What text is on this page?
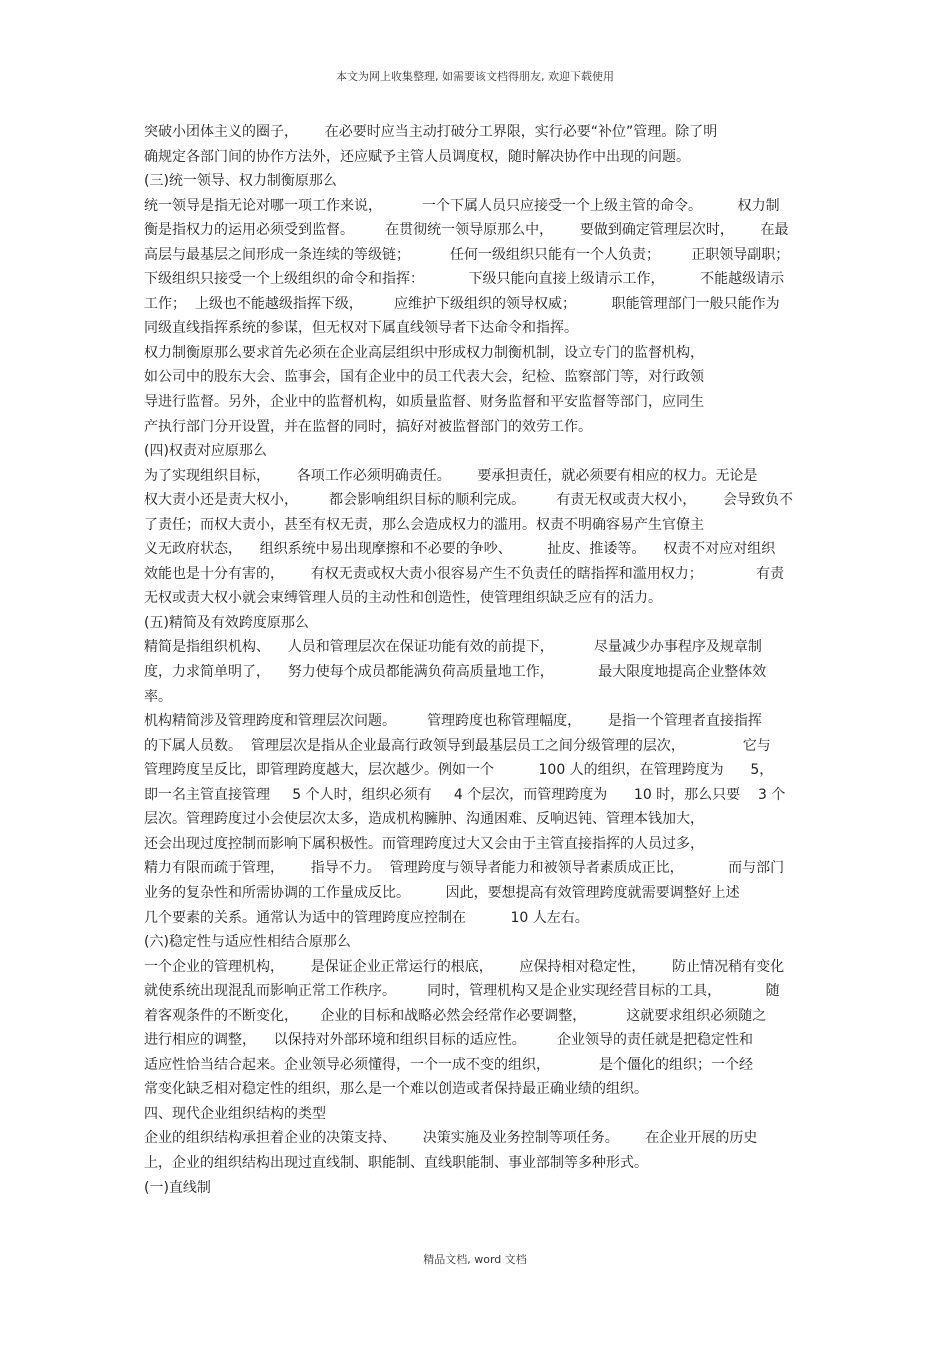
本文为网上收集整理, 如需要该文档得朋友, 欢迎下载使用
突破小团体主义的圈子，      在必要时应当主动打破分工界限，实行必要“补位”管理。除了明
确规定各部门间的协作方法外，还应赋予主管人员调度权，随时解决协作中出现的问题。
(三)统一领导、权力制衡原那么
统一领导是指无论对哪一项工作来说，         一个下属人员只应接受一个上级主管的命令。        权力制
衡是指权力的运用必须受到监督。       在贯彻统一领导原那么中，      要做到确定管理层次时，      在最
高层与最基层之间形成一条连续的等级链；         任何一级组织只能有一个人负责；       正职领导副职；
下级组织只接受一个上级组织的命令和指挥：          下级只能向直接上级请示工作，        不能越级请示
工作；  上级也不能越级指挥下级，       应维护下级组织的领导权威；        职能管理部门一般只能作为
同级直线指挥系统的参谋，但无权对下属直线领导者下达命令和指挥。
权力制衡原那么要求首先必须在企业高层组织中形成权力制衡机制，设立专门的监督机构，
如公司中的股东大会、监事会，国有企业中的员工代表大会，纪检、监察部门等，对行政领
导进行监督。另外，企业中的监督机构，如质量监督、财务监督和平安监督等部门，应同生
产执行部门分开设置，并在监督的同时，搞好对被监督部门的效劳工作。
(四)权责对应原那么
为了实现组织目标，      各项工作必须明确责任。      要承担责任，就必须要有相应的权力。无论是
权大责小还是责大权小，       都会影响组织目标的顺利完成。       有责无权或责大权小，      会导致负不
了责任；而权大责小，甚至有权无责，那么会造成权力的滥用。权责不明确容易产生官僚主
义无政府状态，    组织系统中易出现摩擦和不必要的争吵、        扯皮、推诿等。    权责不对应对组织
效能也是十分有害的，      有权无责或权大责小很容易产生不负责任的瞎指挥和滥用权力；            有责
无权或责大权小就会束缚管理人员的主动性和创造性，使管理组织缺乏应有的活力。
(五)精简及有效跨度原那么
精简是指组织机构、    人员和管理层次在保证功能有效的前提下，         尽量减少办事程序及规章制
度，力求简单明了，    努力使每个成员都能满负荷高质量地工作，          最大限度地提高企业整体效
率。
机构精简涉及管理跨度和管理层次问题。       管理跨度也称管理幅度，      是指一个管理者直接指挥
的下属人员数。  管理层次是指从企业最高行政领导到最基层员工之间分级管理的层次，             它与
管理跨度呈反比，即管理跨度越大，层次越少。例如一个          100 人的组织，在管理跨度为      5，
即一名主管直接管理     5 个人时，组织必须有     4 个层次，而管理跨度为      10 时，那么只要    3 个
层次。管理跨度过小会使层次太多，造成机构臃肿、沟通困难、反响迟钝、管理本钱加大，
还会出现过度控制而影响下属积极性。而管理跨度过大又会由于主管直接指挥的人员过多，
精力有限而疏于管理，      指导不力。  管理跨度与领导者能力和被领导者素质成正比，          而与部门
业务的复杂性和所需协调的工作量成反比。        因此，要想提高有效管理跨度就需要调整好上述
几个要素的关系。通常认为适中的管理跨度应控制在          10 人左右。
(六)稳定性与适应性相结合原那么
一个企业的管理机构，      是保证企业正常运行的根底，      应保持相对稳定性，      防止情况稍有变化
就使系统出现混乱而影响正常工作秩序。       同时，管理机构又是企业实现经营目标的工具，          随
着客观条件的不断变化，     企业的目标和战略必然会经常作必要调整，         这就要求组织必须随之
进行相应的调整，    以保持对外部环境和组织目标的适应性。       企业领导的责任就是把稳定性和
适应性恰当结合起来。企业领导必须懂得，一个一成不变的组织，           是个僵化的组织；一个经
常变化缺乏相对稳定性的组织，那么是一个难以创造或者保持最正确业绩的组织。
四、现代企业组织结构的类型
企业的组织结构承担着企业的决策支持、      决策实施及业务控制等项任务。      在企业开展的历史
上，企业的组织结构出现过直线制、职能制、直线职能制、事业部制等多种形式。
(一)直线制
精品文档, word 文档
